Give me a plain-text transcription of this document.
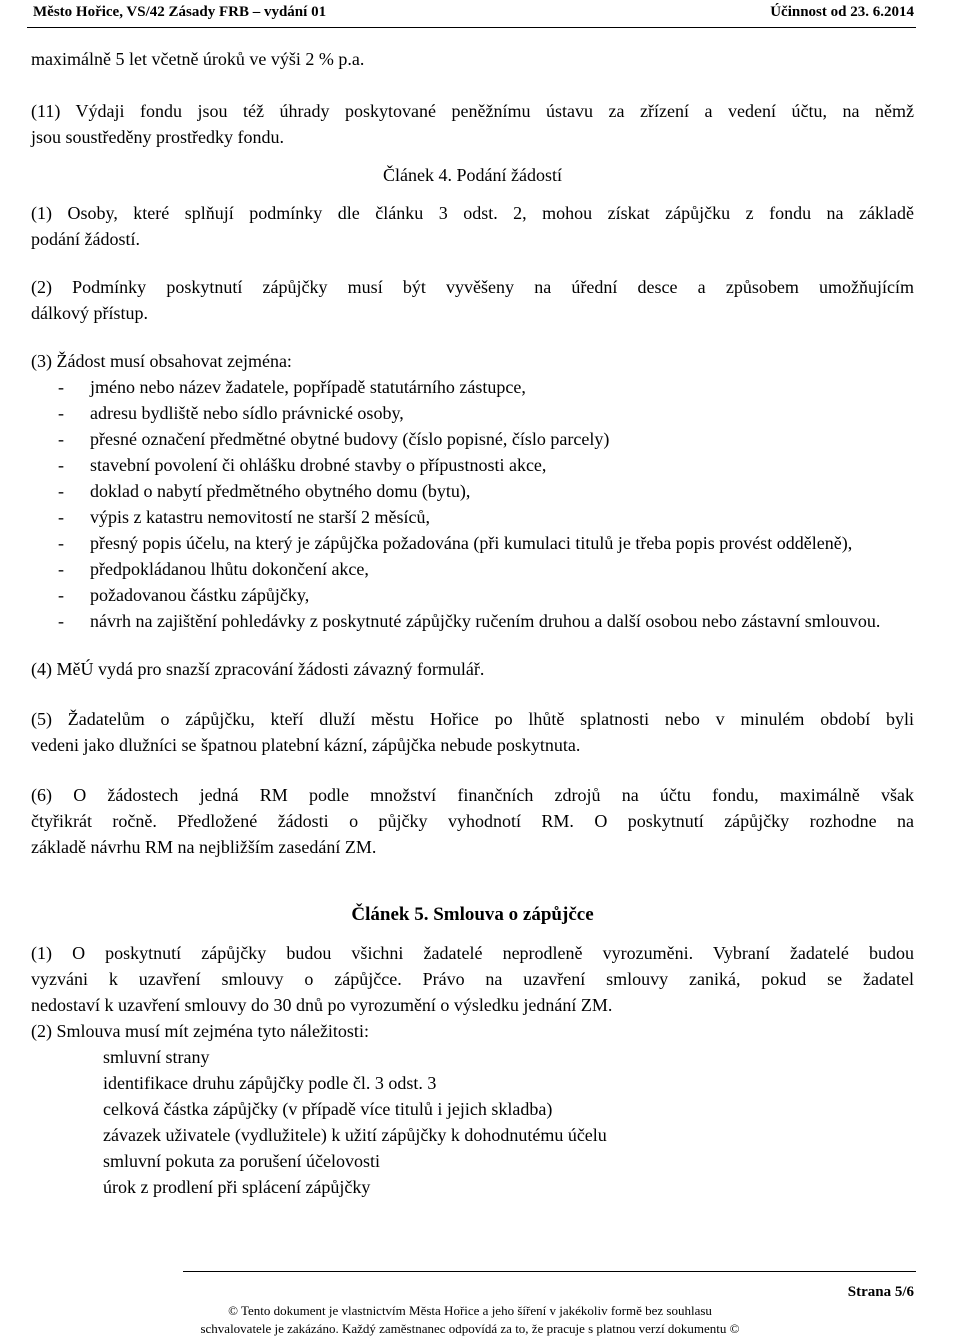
Město Hořice, VS/42 Zásady FRB – vydání 01	Účinnost od 23. 6.2014

maximálně 5 let včetně úroků ve výši 2 % p.a.

(11) Výdaji fondu jsou též úhrady poskytované peněžnímu ústavu za zřízení a vedení účtu, na němž

jsou soustředěny prostředky fondu.

Článek 4. Podání žádostí

(1) Osoby, které splňují podmínky dle článku 3 odst. 2, mohou získat zápůjčku z fondu na základě

podání žádostí.

(2) Podmínky poskytnutí zápůjčky musí být vyvěšeny na úřední desce a způsobem umožňujícím

dálkový přístup.

(3) Žádost musí obsahovat zejména:

- jméno nebo název žadatele, popřípadě statutárního zástupce,
- adresu bydliště nebo sídlo právnické osoby,
- přesné označení předmětné obytné budovy (číslo popisné, číslo parcely)
- stavební povolení či ohlášku drobné stavby o přípustnosti akce,
- doklad o nabytí předmětného obytného domu (bytu),
- výpis z katastru nemovitostí ne starší 2 měsíců,
- přesný popis účelu, na který je zápůjčka požadována (při kumulaci titulů je třeba popis provést odděleně),
- předpokládanou lhůtu dokončení akce,
- požadovanou částku zápůjčky,
- návrh na zajištění pohledávky z poskytnuté zápůjčky ručením druhou a další osobou nebo zástavní smlouvou.

(4) MěÚ vydá pro snazší zpracování žádosti závazný formulář.

(5) Žadatelům o zápůjčku, kteří dluží městu Hořice po lhůtě splatnosti nebo v minulém období byli

vedeni jako dlužníci se špatnou platební kázní, zápůjčka nebude poskytnuta.

(6) O žádostech jedná RM podle množství finančních zdrojů na účtu fondu, maximálně však

čtyřikrát ročně. Předložené žádosti o půjčky vyhodnotí RM. O poskytnutí zápůjčky rozhodne na

základě návrhu RM na nejbližším zasedání ZM.

Článek 5. Smlouva o zápůjčce

(1) O poskytnutí zápůjčky budou všichni žadatelé neprodleně vyrozuměni. Vybraní žadatelé budou

vyzváni k uzavření smlouvy o zápůjčce. Právo na uzavření smlouvy zaniká, pokud se žadatel

nedostaví k uzavření smlouvy do 30 dnů po vyrozumění o výsledku jednání ZM.

(2) Smlouva musí mít zejména tyto náležitosti:

smluvní strany
identifikace druhu zápůjčky podle čl. 3 odst. 3
celková částka zápůjčky (v případě více titulů i jejich skladba)
závazek uživatele (vydlužitele) k užití zápůjčky k dohodnutému účelu
smluvní pokuta za porušení účelovosti
úrok z prodlení při splácení zápůjčky
Strana 5/6
© Tento dokument je vlastnictvím Města Hořice a jeho šíření v jakékoliv formě bez souhlasu
schvalovatele je zakázáno. Každý zaměstnanec odpovídá za to, že pracuje s platnou verzí dokumentu ©
